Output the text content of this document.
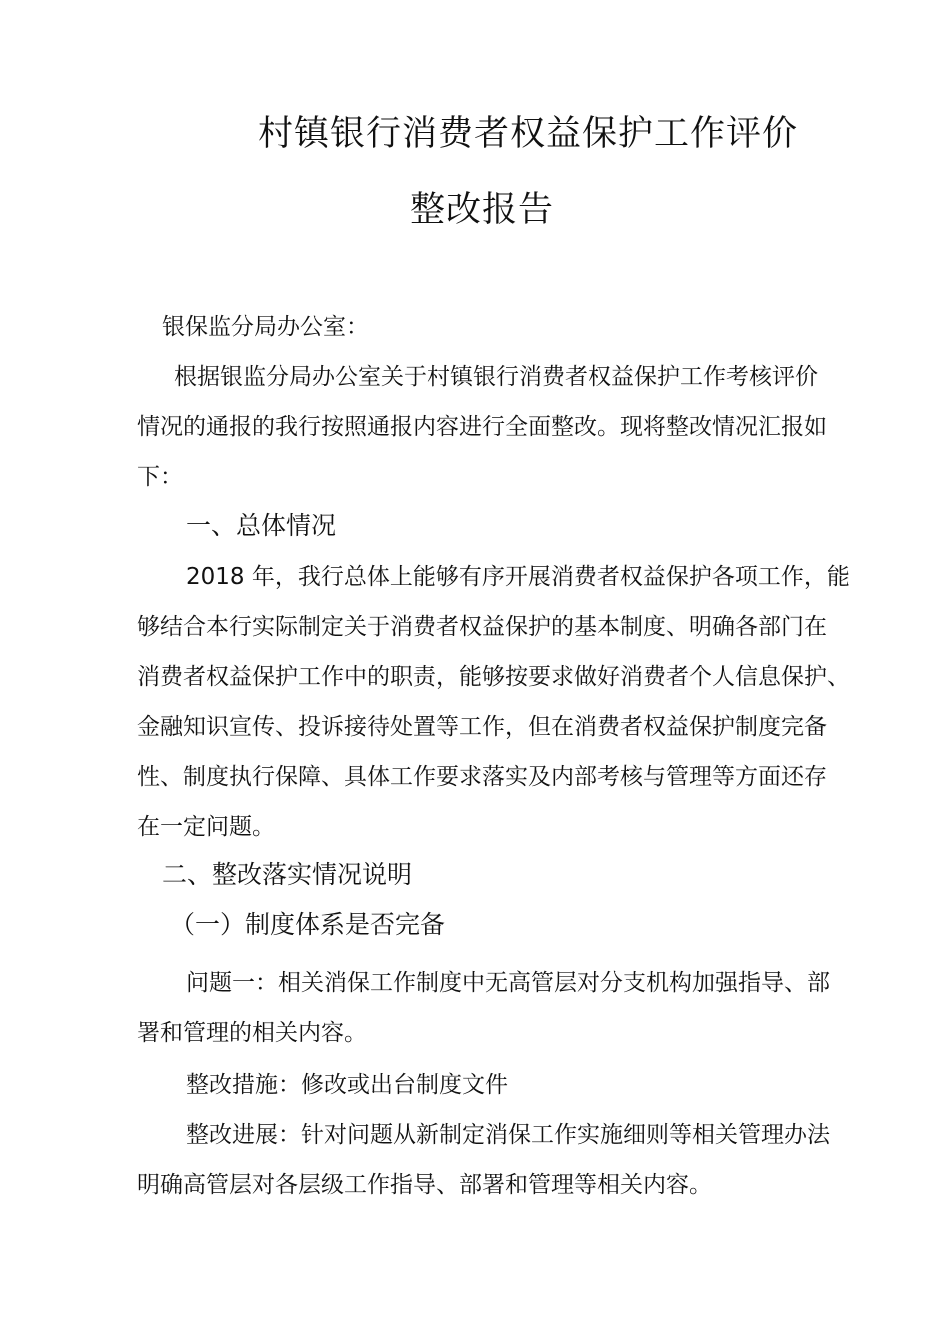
村镇银行消费者权益保护工作评价
整改报告
银保监分局办公室：
根据银监分局办公室关于村镇银行消费者权益保护工作考核评价
情况的通报的我行按照通报内容进行全面整改。现将整改情况汇报如
下：
一、总体情况
2018 年，我行总体上能够有序开展消费者权益保护各项工作，能
够结合本行实际制定关于消费者权益保护的基本制度、明确各部门在
消费者权益保护工作中的职责，能够按要求做好消费者个人信息保护、
金融知识宣传、投诉接待处置等工作，但在消费者权益保护制度完备
性、制度执行保障、具体工作要求落实及内部考核与管理等方面还存
在一定问题。
二、整改落实情况说明
（一）制度体系是否完备
问题一：相关消保工作制度中无高管层对分支机构加强指导、部
署和管理的相关内容。
整改措施：修改或出台制度文件
整改进展：针对问题从新制定消保工作实施细则等相关管理办法
明确高管层对各层级工作指导、部署和管理等相关内容。
